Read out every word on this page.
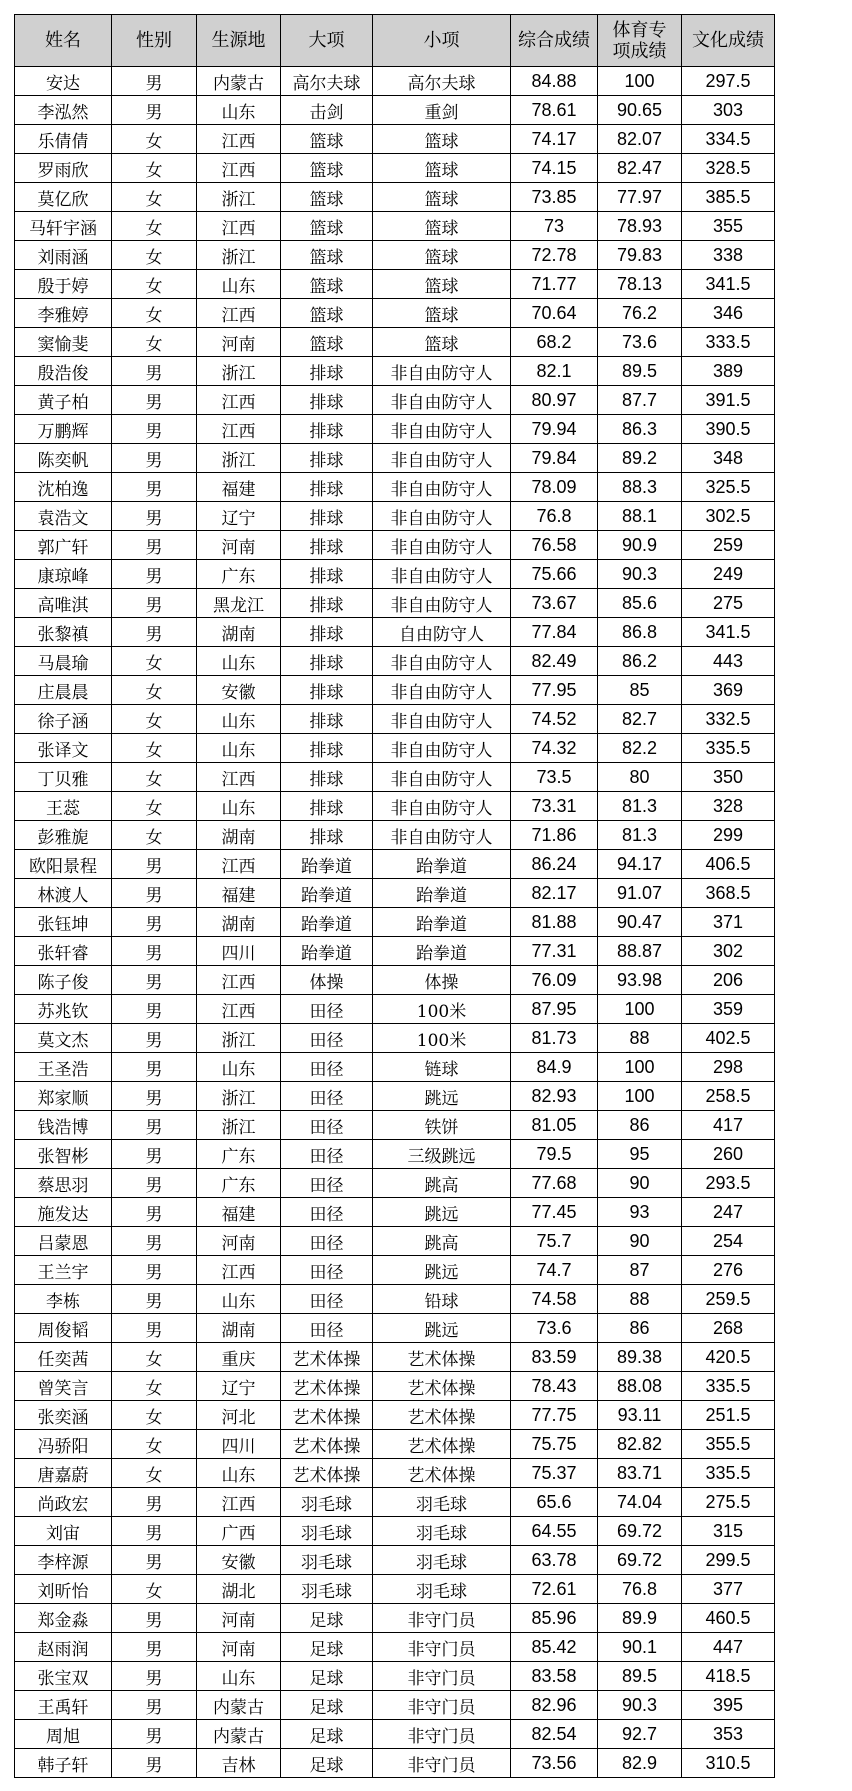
姓名	性别	生源地	大项	小项	综合成绩	体育专项成绩	文化成绩
安达	男	内蒙古	高尔夫球	高尔夫球	84.88	100	297.5
李泓然	男	山东	击剑	重剑	78.61	90.65	303
乐倩倩	女	江西	篮球	篮球	74.17	82.07	334.5
罗雨欣	女	江西	篮球	篮球	74.15	82.47	328.5
莫亿欣	女	浙江	篮球	篮球	73.85	77.97	385.5
马轩宇涵	女	江西	篮球	篮球	73	78.93	355
刘雨涵	女	浙江	篮球	篮球	72.78	79.83	338
殷于婷	女	山东	篮球	篮球	71.77	78.13	341.5
李雅婷	女	江西	篮球	篮球	70.64	76.2	346
窦愉斐	女	河南	篮球	篮球	68.2	73.6	333.5
殷浩俊	男	浙江	排球	非自由防守人	82.1	89.5	389
黄子柏	男	江西	排球	非自由防守人	80.97	87.7	391.5
万鹏辉	男	江西	排球	非自由防守人	79.94	86.3	390.5
陈奕帆	男	浙江	排球	非自由防守人	79.84	89.2	348
沈柏逸	男	福建	排球	非自由防守人	78.09	88.3	325.5
袁浩文	男	辽宁	排球	非自由防守人	76.8	88.1	302.5
郭广轩	男	河南	排球	非自由防守人	76.58	90.9	259
康琼峰	男	广东	排球	非自由防守人	75.66	90.3	249
高唯淇	男	黑龙江	排球	非自由防守人	73.67	85.6	275
张黎禛	男	湖南	排球	自由防守人	77.84	86.8	341.5
马晨瑜	女	山东	排球	非自由防守人	82.49	86.2	443
庄晨晨	女	安徽	排球	非自由防守人	77.95	85	369
徐子涵	女	山东	排球	非自由防守人	74.52	82.7	332.5
张译文	女	山东	排球	非自由防守人	74.32	82.2	335.5
丁贝雅	女	江西	排球	非自由防守人	73.5	80	350
王蕊	女	山东	排球	非自由防守人	73.31	81.3	328
彭雅旎	女	湖南	排球	非自由防守人	71.86	81.3	299
欧阳景程	男	江西	跆拳道	跆拳道	86.24	94.17	406.5
林渡人	男	福建	跆拳道	跆拳道	82.17	91.07	368.5
张钰坤	男	湖南	跆拳道	跆拳道	81.88	90.47	371
张轩睿	男	四川	跆拳道	跆拳道	77.31	88.87	302
陈子俊	男	江西	体操	体操	76.09	93.98	206
苏兆钦	男	江西	田径	100米	87.95	100	359
莫文杰	男	浙江	田径	100米	81.73	88	402.5
王圣浩	男	山东	田径	链球	84.9	100	298
郑家顺	男	浙江	田径	跳远	82.93	100	258.5
钱浩博	男	浙江	田径	铁饼	81.05	86	417
张智彬	男	广东	田径	三级跳远	79.5	95	260
蔡思羽	男	广东	田径	跳高	77.68	90	293.5
施发达	男	福建	田径	跳远	77.45	93	247
吕蒙恩	男	河南	田径	跳高	75.7	90	254
王兰宇	男	江西	田径	跳远	74.7	87	276
李栋	男	山东	田径	铅球	74.58	88	259.5
周俊韬	男	湖南	田径	跳远	73.6	86	268
任奕茜	女	重庆	艺术体操	艺术体操	83.59	89.38	420.5
曾笑言	女	辽宁	艺术体操	艺术体操	78.43	88.08	335.5
张奕涵	女	河北	艺术体操	艺术体操	77.75	93.11	251.5
冯骄阳	女	四川	艺术体操	艺术体操	75.75	82.82	355.5
唐嘉蔚	女	山东	艺术体操	艺术体操	75.37	83.71	335.5
尚政宏	男	江西	羽毛球	羽毛球	65.6	74.04	275.5
刘宙	男	广西	羽毛球	羽毛球	64.55	69.72	315
李梓源	男	安徽	羽毛球	羽毛球	63.78	69.72	299.5
刘昕怡	女	湖北	羽毛球	羽毛球	72.61	76.8	377
郑金淼	男	河南	足球	非守门员	85.96	89.9	460.5
赵雨润	男	河南	足球	非守门员	85.42	90.1	447
张宝双	男	山东	足球	非守门员	83.58	89.5	418.5
王禹轩	男	内蒙古	足球	非守门员	82.96	90.3	395
周旭	男	内蒙古	足球	非守门员	82.54	92.7	353
韩子轩	男	吉林	足球	非守门员	73.56	82.9	310.5
